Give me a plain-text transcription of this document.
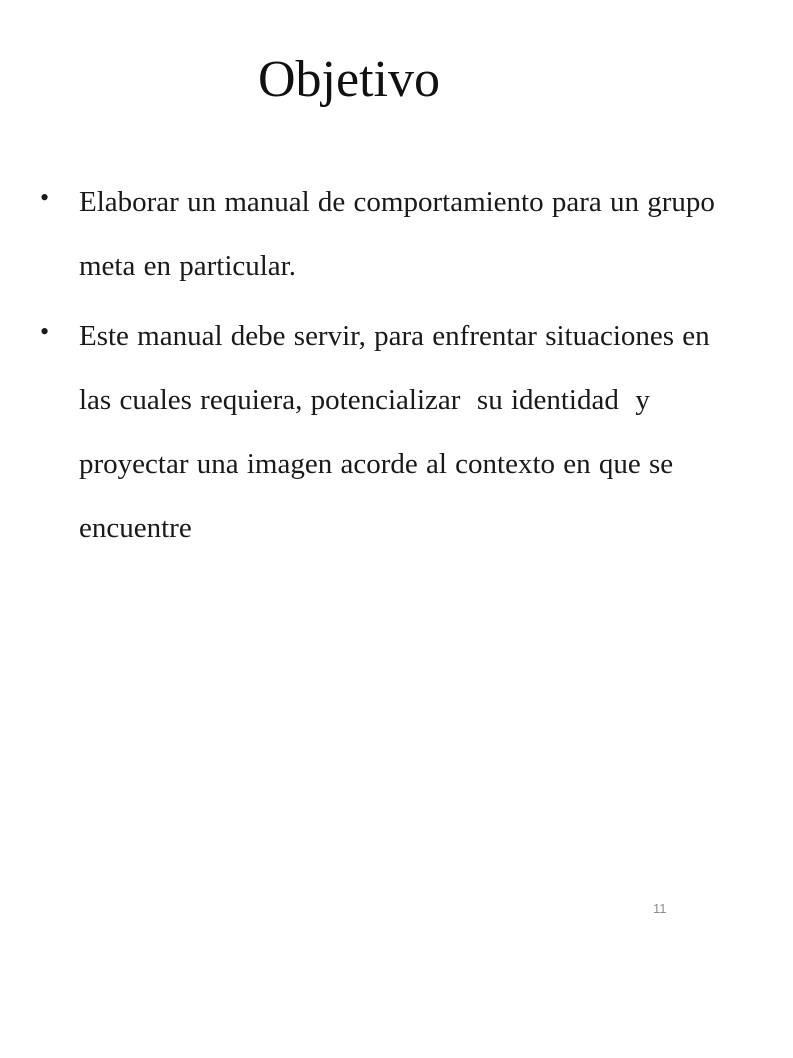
Objetivo
•	Elaborar un manual de comportamiento para un grupo meta en particular.
•	Este manual debe servir, para enfrentar situaciones en las cuales requiera, potencializar  su identidad  y  proyectar una imagen acorde al contexto en que se encuentre
11
